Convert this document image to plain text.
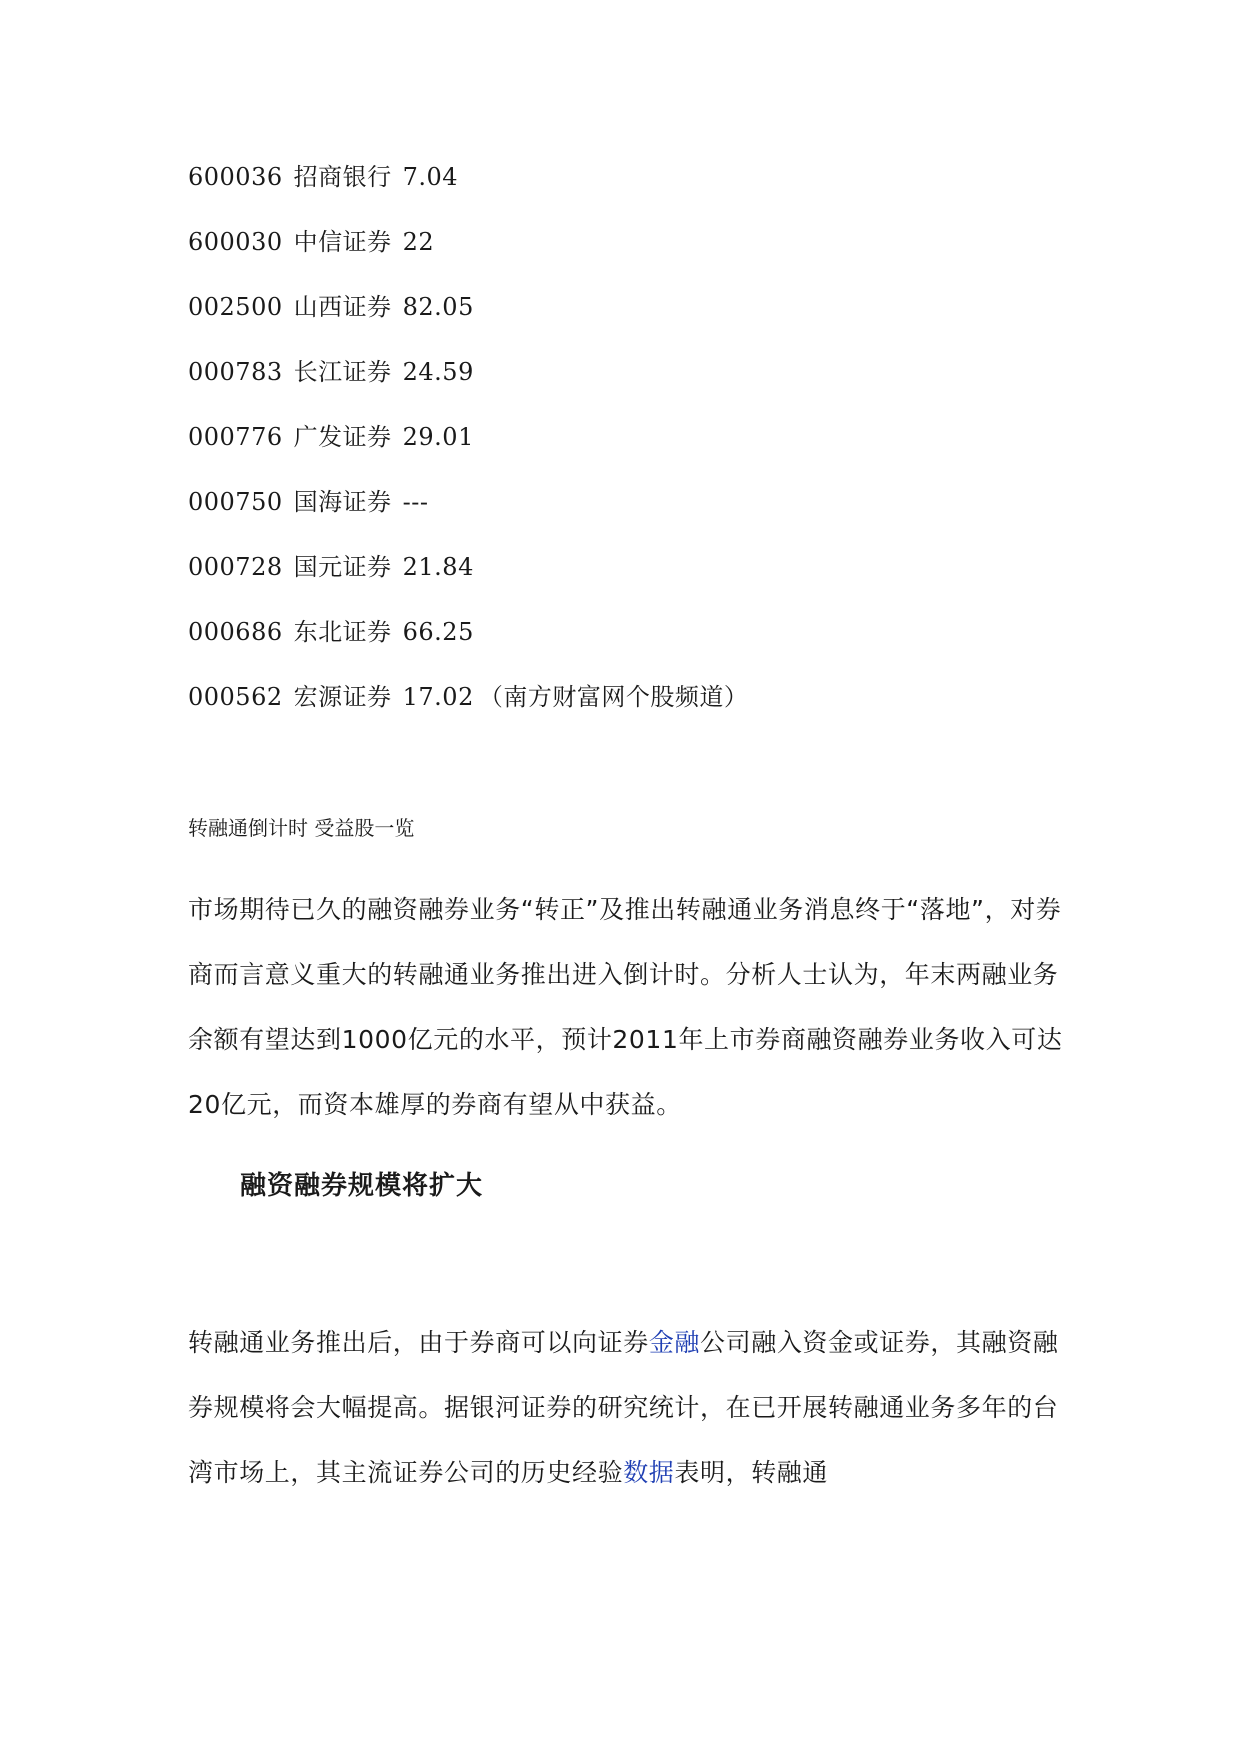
600036 招商银行 7.04
600030 中信证券 22
002500 山西证券 82.05
000783 长江证券 24.59
000776 广发证券 29.01
000750 国海证券 ---
000728 国元证券 21.84
000686 东北证券 66.25
000562 宏源证券 17.02 （南方财富网个股频道）

转融通倒计时 受益股一览

市场期待已久的融资融券业务“转正”及推出转融通业务消息终于“落地”，对券商而言意义重大的转融通业务推出进入倒计时。分析人士认为，年末两融业务余额有望达到1000亿元的水平，预计2011年上市券商融资融券业务收入可达20亿元，而资本雄厚的券商有望从中获益。

融资融券规模将扩大

转融通业务推出后，由于券商可以向证券金融公司融入资金或证券，其融资融券规模将会大幅提高。据银河证券的研究统计，在已开展转融通业务多年的台湾市场上，其主流证券公司的历史经验数据表明，转融通
